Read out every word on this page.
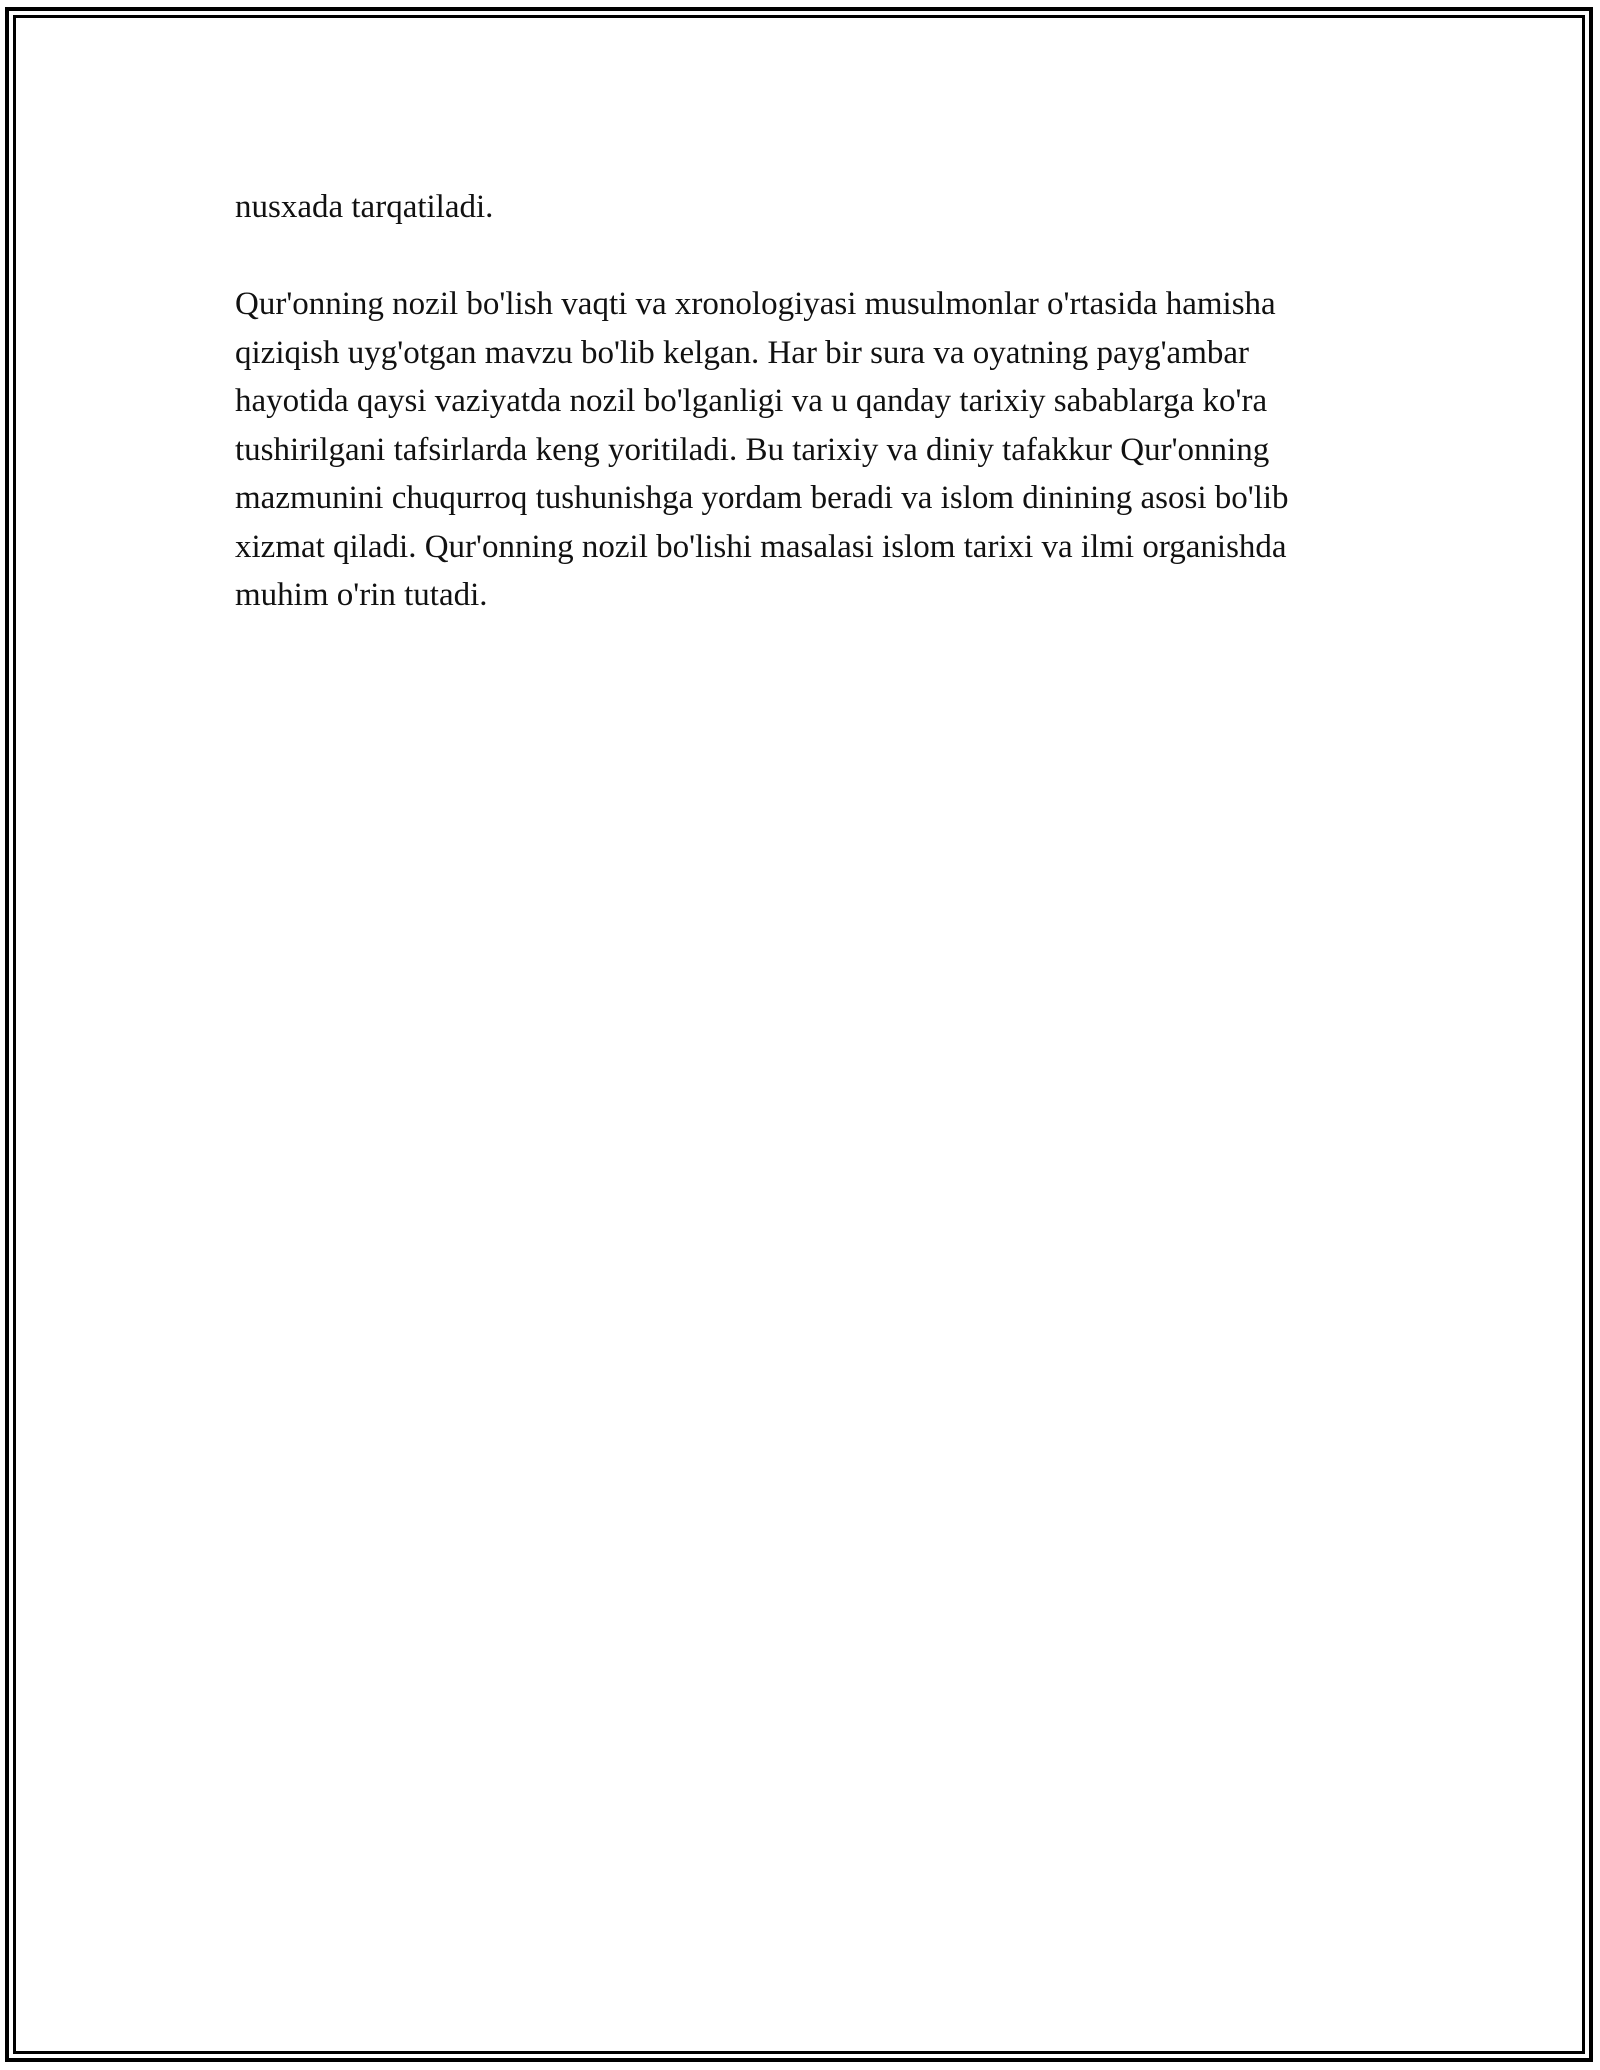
nusxada tarqatiladi.

Qur'onning nozil bo'lish vaqti va xronologiyasi musulmonlar o'rtasida hamisha qiziqish uyg'otgan mavzu bo'lib kelgan. Har bir sura va oyatning payg'ambar hayotida qaysi vaziyatda nozil bo'lganligi va u qanday tarixiy sabablarga ko'ra tushirilgani tafsirlarda keng yoritiladi. Bu tarixiy va diniy tafakkur Qur'onning mazmunini chuqurroq tushunishga yordam beradi va islom dinining asosi bo'lib xizmat qiladi. Qur'onning nozil bo'lishi masalasi islom tarixi va ilmi organishda muhim o'rin tutadi.
